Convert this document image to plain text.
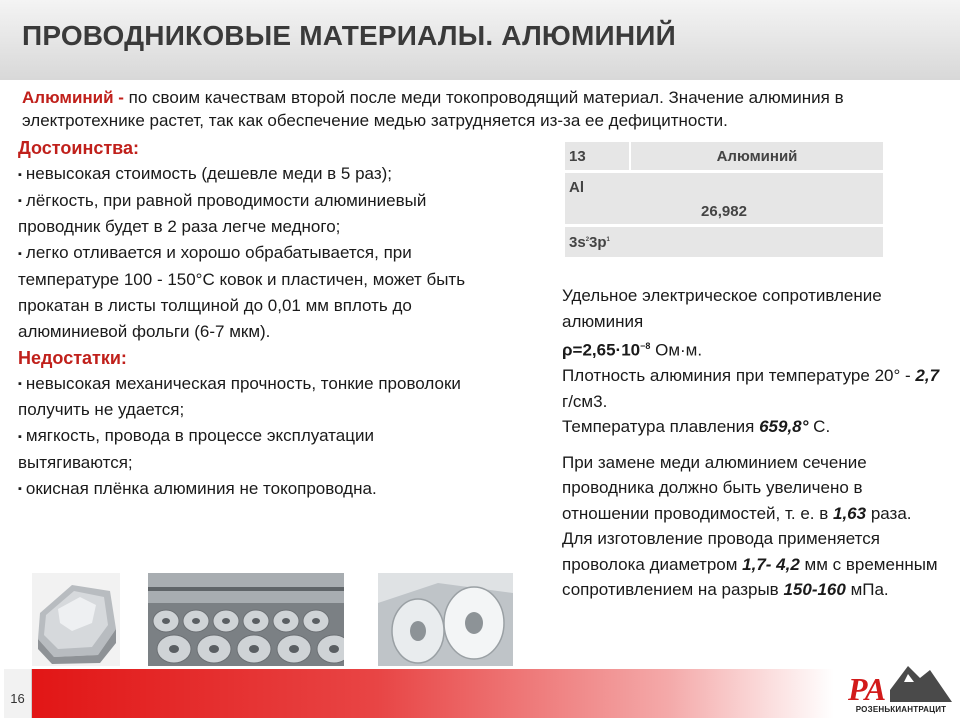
ПРОВОДНИКОВЫЕ МАТЕРИАЛЫ. АЛЮМИНИЙ
Алюминий - по своим качествам второй после меди токопроводящий материал. Значение алюминия в электротехнике растет, так как обеспечение медью затрудняется из-за ее дефицитности.
Достоинства:
▪ невысокая стоимость (дешевле меди в 5 раз);
▪ лёгкость, при равной проводимости алюминиевый проводник будет в 2 раза легче медного;
▪ легко отливается и хорошо обрабатывается, при температуре 100 - 150°С ковок и пластичен, может быть прокатан в листы толщиной до 0,01 мм вплоть до алюминиевой фольги (6-7 мкм).
Недостатки:
▪ невысокая механическая прочность, тонкие проволоки получить не удается;
▪ мягкость, провода в процессе эксплуатации вытягиваются;
▪ окисная плёнка алюминия не токопроводна.
13	Алюминий
Al
26,982
$3s^23p^1$

Удельное электрическое сопротивление алюминия
$\rho=2,65\cdot 10^{-8}$ Ом·м.
Плотность алюминия при температуре 20° - 2,7 г/см3.
Температура плавления 659,8° С.

При замене меди алюминием сечение проводника должно быть увеличено в отношении проводимостей, т. е. в 1,63 раза.
Для изготовление провода применяется проволока диаметром 1,7- 4,2 мм с временным сопротивлением на разрыв 150-160 мПа.

16	РА
РОЗЕНЬКИАНТРАЦИТ
